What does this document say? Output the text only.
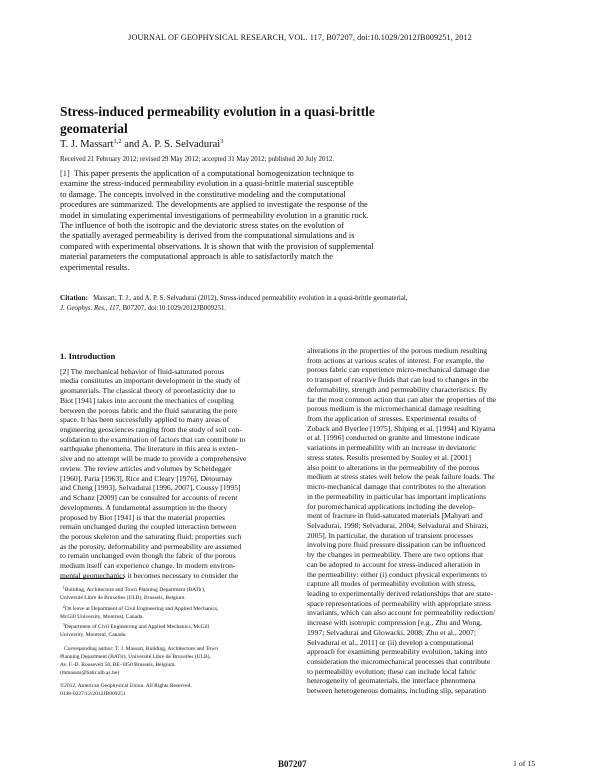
JOURNAL OF GEOPHYSICAL RESEARCH, VOL. 117, B07207, doi:10.1029/2012JB009251, 2012
Stress-induced permeability evolution in a quasi-brittle
geomaterial
T. J. Massart$^{1,2}$ and A. P. S. Selvadurai$^3$
Received 21 February 2012; revised 29 May 2012; accepted 31 May 2012; published 20 July 2012.
[1] This paper presents the application of a computational homogenization technique to
examine the stress-induced permeability evolution in a quasi-brittle material susceptible
to damage. The concepts involved in the constitutive modeling and the computational
procedures are summarized. The developments are applied to investigate the response of the
model in simulating experimental investigations of permeability evolution in a granitic rock.
The influence of both the isotropic and the deviatoric stress states on the evolution of
the spatially averaged permeability is derived from the computational simulations and is
compared with experimental observations. It is shown that with the provision of supplemental
material parameters the computational approach is able to satisfactorily match the
experimental results.
Citation: Massart, T. J., and A. P. S. Selvadurai (2012), Stress-induced permeability evolution in a quasi-brittle geomaterial,
J. Geophys. Res., 117, B07207, doi:10.1029/2012JB009251.
1. Introduction
[2] The mechanical behavior of fluid-saturated porous
media constitutes an important development in the study of
geomaterials. The classical theory of poroelasticity due to
Biot [1941] takes into account the mechanics of coupling
between the porous fabric and the fluid saturating the pore
space. It has been successfully applied to many areas of
engineering geosciences ranging from the study of soil con-
solidation to the examination of factors that can contribute to
earthquake phenomena. The literature in this area is exten-
sive and no attempt will be made to provide a comprehensive
review. The review articles and volumes by Scheidegger
[1960], Paria [1963], Rice and Cleary [1976], Detournay
and Cheng [1993], Selvadurai [1996, 2007], Coussy [1995]
and Schanz [2009] can be consulted for accounts of recent
developments. A fundamental assumption in the theory
proposed by Biot [1941] is that the material properties
remain unchanged during the coupled interaction between
the porous skeleton and the saturating fluid; properties such
as the porosity, deformability and permeability are assumed
to remain unchanged even though the fabric of the porous
medium itself can experience change. In modern environ-
mental geomechanics it becomes necessary to consider the
alterations in the properties of the porous medium resulting
from actions at various scales of interest. For example, the
porous fabric can experience micro-mechanical damage due
to transport of reactive fluids that can lead to changes in the
deformability, strength and permeability characteristics. By
far the most common action that can alter the properties of the
porous medium is the micromechanical damage resulting
from the application of stresses. Experimental results of
Zoback and Byerlee [1975], Shiping et al. [1994] and Kiyama
et al. [1996] conducted on granite and limestone indicate
variations in permeability with an increase in deviatoric
stress states. Results presented by Souley et al. [2001]
also point to alterations in the permeability of the porous
medium at stress states well below the peak failure loads. The
micro-mechanical damage that contributes to the alteration
in the permeability in particular has important implications
for poromechanical applications including the develop-
ment of fracture in fluid-saturated materials [Mahyari and
Selvadurai, 1998; Selvadurai, 2004; Selvadurai and Shirazi,
2005]. In particular, the duration of transient processes
involving pore fluid pressure dissipation can be influenced
by the changes in permeability. There are two options that
can be adopted to account for stress-induced alteration in
the permeability: either (i) conduct physical experiments to
capture all modes of permeability evolution with stress,
leading to experimentally derived relationships that are state-
space representations of permeability with appropriate stress
invariants, which can also account for permeability reduction/
increase with isotropic compression [e.g., Zhu and Wong,
1997; Selvadurai and Glowacki, 2008; Zhu et al., 2007;
Selvadurai et al., 2011] or (ii) develop a computational
approach for examining permeability evolution, taking into
consideration the micromechanical processes that contribute
to permeability evolution; these can include local fabric
heterogeneity of geomaterials, the interface phenomena
between heterogeneous domains, including slip, separation
$^1$Building, Architecture and Town Planning Department (BATir),
Université Libre de Bruxelles (ULB), Brussels, Belgium.
$^2$On leave at Department of Civil Engineering and Applied Mechanics,
McGill University, Montreal, Canada.
$^3$Department of Civil Engineering and Applied Mechanics, McGill
University, Montreal, Canada.
Corresponding author: T. J. Massart, Building, Architecture and Town
Planning Department (BATir), Université Libre de Bruxelles (ULB),
Av. F.-D. Roosevelt 50, BE-1050 Brussels, Belgium.
(thmassar@batir.ulb.ac.be)
©2012. American Geophysical Union. All Rights Reserved.
0148-0227/12/2012JB009251
B07207	1 of 15
